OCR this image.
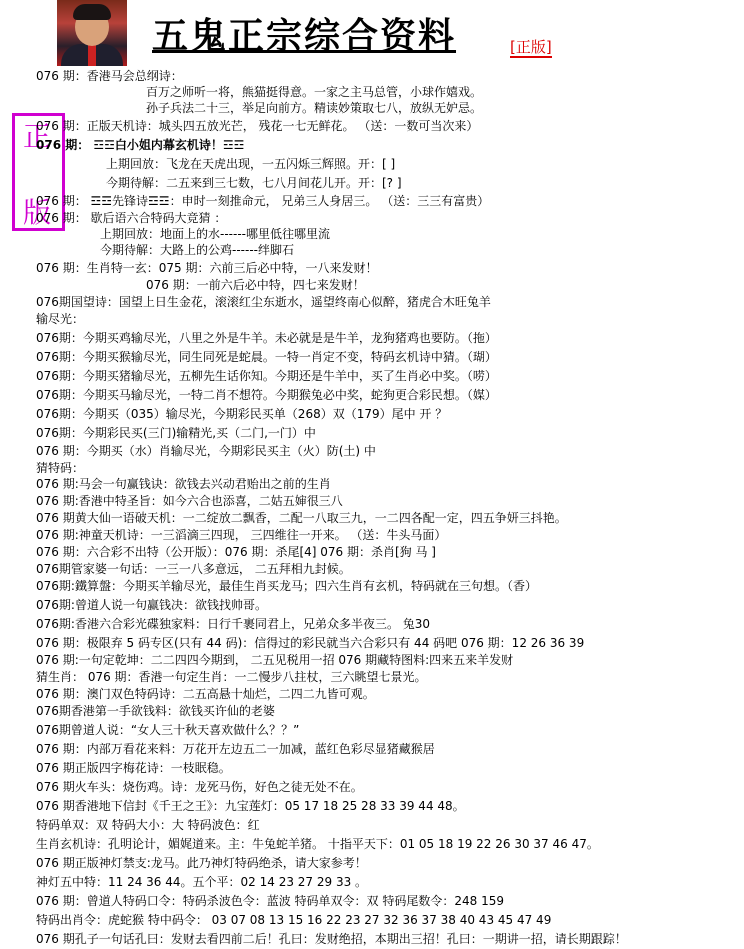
五鬼正宗综合资料	[正版]
正
版
076 期：香港马会总纲诗：
百万之师听一将，熊猫挺得意。一家之主马总管，小球作嬉戏。
孙子兵法二十三，举足向前方。精读妙策取七八，放纵无妒忌。
076 期：正版天机诗：城头四五放光芒， 残花一七无鲜花。 （送：一数可当次来）
076 期： ☲☲白小姐内幕玄机诗！☲☲
上期回放：飞龙在天虎出现，一五闪烁三辉照。开：[ ]
今期待解：二五来到三七数，七八月间花儿开。开：[? ]
076 期： ☲☲先锋诗☲☲：申时一刻推命元， 兄弟三人身居三。 （送：三三有富贵）
076 期： 歇后语六合特码大竞猜 ：
上期回放：地面上的水------哪里低往哪里流
今期待解：大路上的公鸡------绊脚石
076 期：生肖特一玄：075 期：六前三后必中特，一八来发财！
076 期：一前六后必中特，四七来发财！
076期国望诗：国望上日生金花，滚滚红尘东逝水，遥望终南心似醉，猪虎合木旺兔羊
输尽光：
076期：今期买鸡输尽光，八里之外是牛羊。未必就是是牛羊，龙狗猪鸡也要防。（拖）
076期：今期买猴输尽光，同生同死是蛇晨。一特一肖定不变，特码玄机诗中猜。（瑚）
076期：今期买猪输尽光，五柳先生话你知。今期还是牛羊中，买了生肖必中奖。（唠）
076期：今期买马输尽光，一特二肖不想符。今期猴兔必中奖，蛇狗更合彩民想。（媒）
076期：今期买（035）输尽光，今期彩民买单（268）双（179）尾中 开 ？
076期：今期彩民买(三门)输精光,买（二门,一门）中
076 期：今期买（水）肖输尽光，今期彩民买主（火）防(土) 中
猜特码：
076 期:马会一句赢钱诀：欲钱去兴动君贻出之前的生肖
076 期:香港中特圣旨：如今六合也添喜，二姑五婶很三八
076 期黄大仙一语破天机：一二绽放二飘香，二配一八取三九，一二四各配一定，四五争妍三抖艳。
076 期:神童天机诗：一三滔滴三四现， 三四维往一开来。 （送：牛头马面）
076 期：六合彩不出特（公开版）：076 期：杀尾[4] 076 期：杀肖[狗 马 ]
076期管家婆一句话：一三一八多意远， 二五拜相九封候。
076期:鐵算盤：今期买羊输尽光，最佳生肖买龙马；四六生肖有玄机，特码就在三句想。（香）
076期:曾道人说一句赢钱决：欲钱找帅哥。
076期:香港六合彩光碟独家料：日行千裹同君上，兄弟众多半夜三。 兔30
076 期：极限弃 5 码专区(只有 44 码)：信得过的彩民就当六合彩只有 44 码吧 076 期：12 26 36 39
076 期:一句定乾坤：二二四四今期到， 二五见税用一招 076 期藏特图料:四来五来羊发财
猜生肖： 076 期：香港一句定生肖：一二慢步八拄杖，三六眺望七景光。
076 期：澳门双色特码诗：二五高悬十灿烂，二四二九皆可观。
076期香港第一手欲钱料：欲钱买许仙的老婆
076期曾道人说：“女人三十秋天喜欢做什么？？”
076 期：内部万看花来料：万花开左边五二一加减，蓝红色彩尽显猪藏猴居
076 期正版四字梅花诗：一枝眠稳。
076 期火车头：烧伤鸡。诗：龙死马伤，好色之徒无处不在。
076 期香港地下信封《千王之王》：九宝莲灯：05 17 18 25 28 33 39 44 48。
特码单双：双 特码大小：大 特码波色：红
生肖玄机诗：孔明论计，媚娓道来。主：牛兔蛇羊猪。 十指平天下：01 05 18 19 22 26 30 37 46 47。
076 期正版神灯禁支:龙马。此乃神灯特码绝杀，请大家参考！
神灯五中特：11 24 36 44。五个平：02 14 23 27 29 33 。
076 期：曾道人特码口令：特码杀波色令：蓝波 特码单双令：双 特码尾数令：248 159
特码出肖令：虎蛇猴 特中码令： 03 07 08 13 15 16 22 23 27 32 36 37 38 40 43 45 47 49
076 期孔子一句话孔曰：发财去看四前二后！孔曰：发财绝招，本期出三招！孔曰：一期讲一招，请长期跟踪！
